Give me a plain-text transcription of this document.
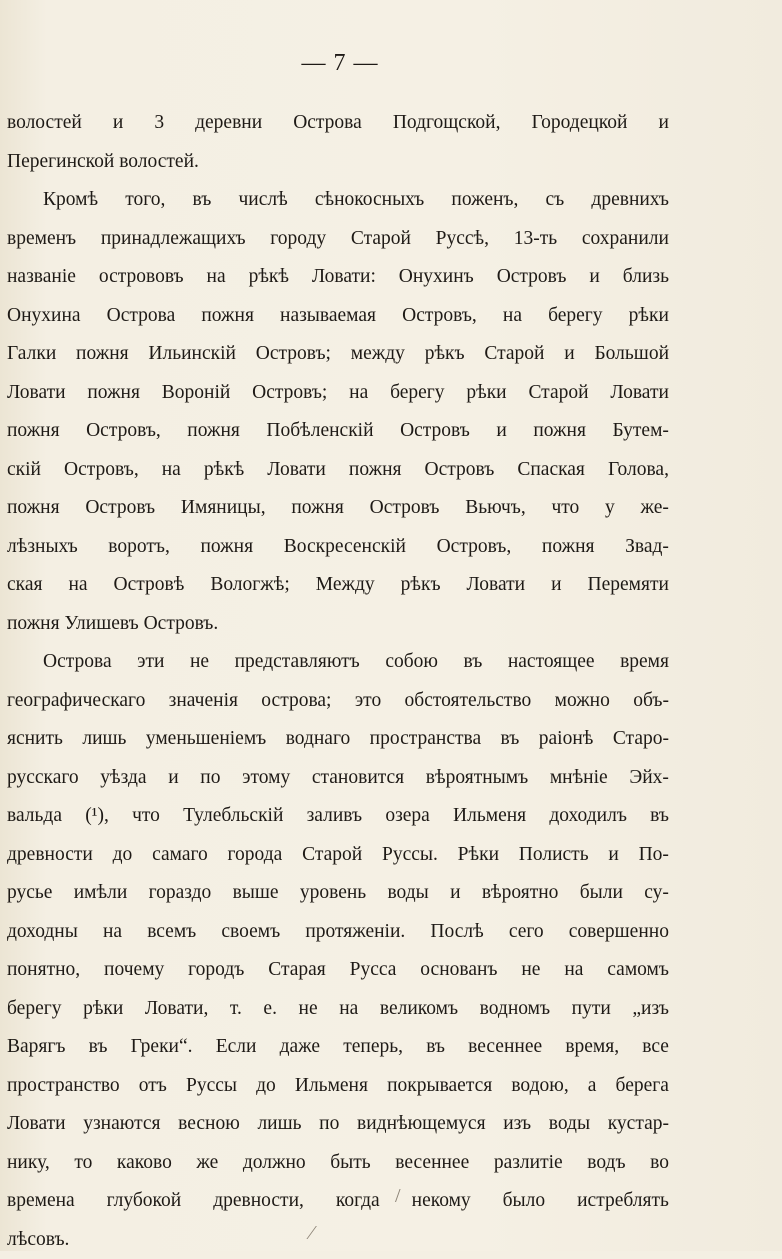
— 7 —
волостей и 3 деревни Острова Подгощской, Городецкой и
Перегинской волостей.
Кромѣ того, въ числѣ сѣнокосныхъ поженъ, съ древнихъ
временъ принадлежащихъ городу Старой Руссѣ, 13-ть сохранили
названіе острововъ на рѣкѣ Ловати: Онухинъ Островъ и близь
Онухина Острова пожня называемая Островъ, на берегу рѣки
Галки пожня Ильинскій Островъ; между рѣкъ Старой и Большой
Ловати пожня Вороній Островъ; на берегу рѣки Старой Ловати
пожня Островъ, пожня Побѣленскій Островъ и пожня Бутем-
скій Островъ, на рѣкѣ Ловати пожня Островъ Спаская Голова,
пожня Островъ Имяницы, пожня Островъ Вьючъ, что у же-
лѣзныхъ воротъ, пожня Воскресенскій Островъ, пожня Звад-
ская на Островѣ Вологжѣ; Между рѣкъ Ловати и Перемяти
пожня Улишевъ Островъ.
Острова эти не представляютъ собою въ настоящее время
географическаго значенія острова; это обстоятельство можно объ-
яснить лишь уменьшеніемъ воднаго пространства въ раіонѣ Старо-
русскаго уѣзда и по этому становится вѣроятнымъ мнѣніе Эйх-
вальда (¹), что Тулебльскій заливъ озера Ильменя доходилъ въ
древности до самаго города Старой Руссы. Рѣки Полисть и По-
русье имѣли гораздо выше уровень воды и вѣроятно были су-
доходны на всемъ своемъ протяженіи. Послѣ сего совершенно
понятно, почему городъ Старая Русса основанъ не на самомъ
берегу рѣки Ловати, т. е. не на великомъ водномъ пути „изъ
Варягъ въ Греки“. Если даже теперь, въ весеннее время, все
пространство отъ Руссы до Ильменя покрывается водою, а берега
Ловати узнаются весною лишь по виднѣющемуся изъ воды кустар-
нику, то каково же должно быть весеннее разлитіе водъ во
времена глубокой древности, когда некому было истреблять
лѣсовъ.
/
⁄
